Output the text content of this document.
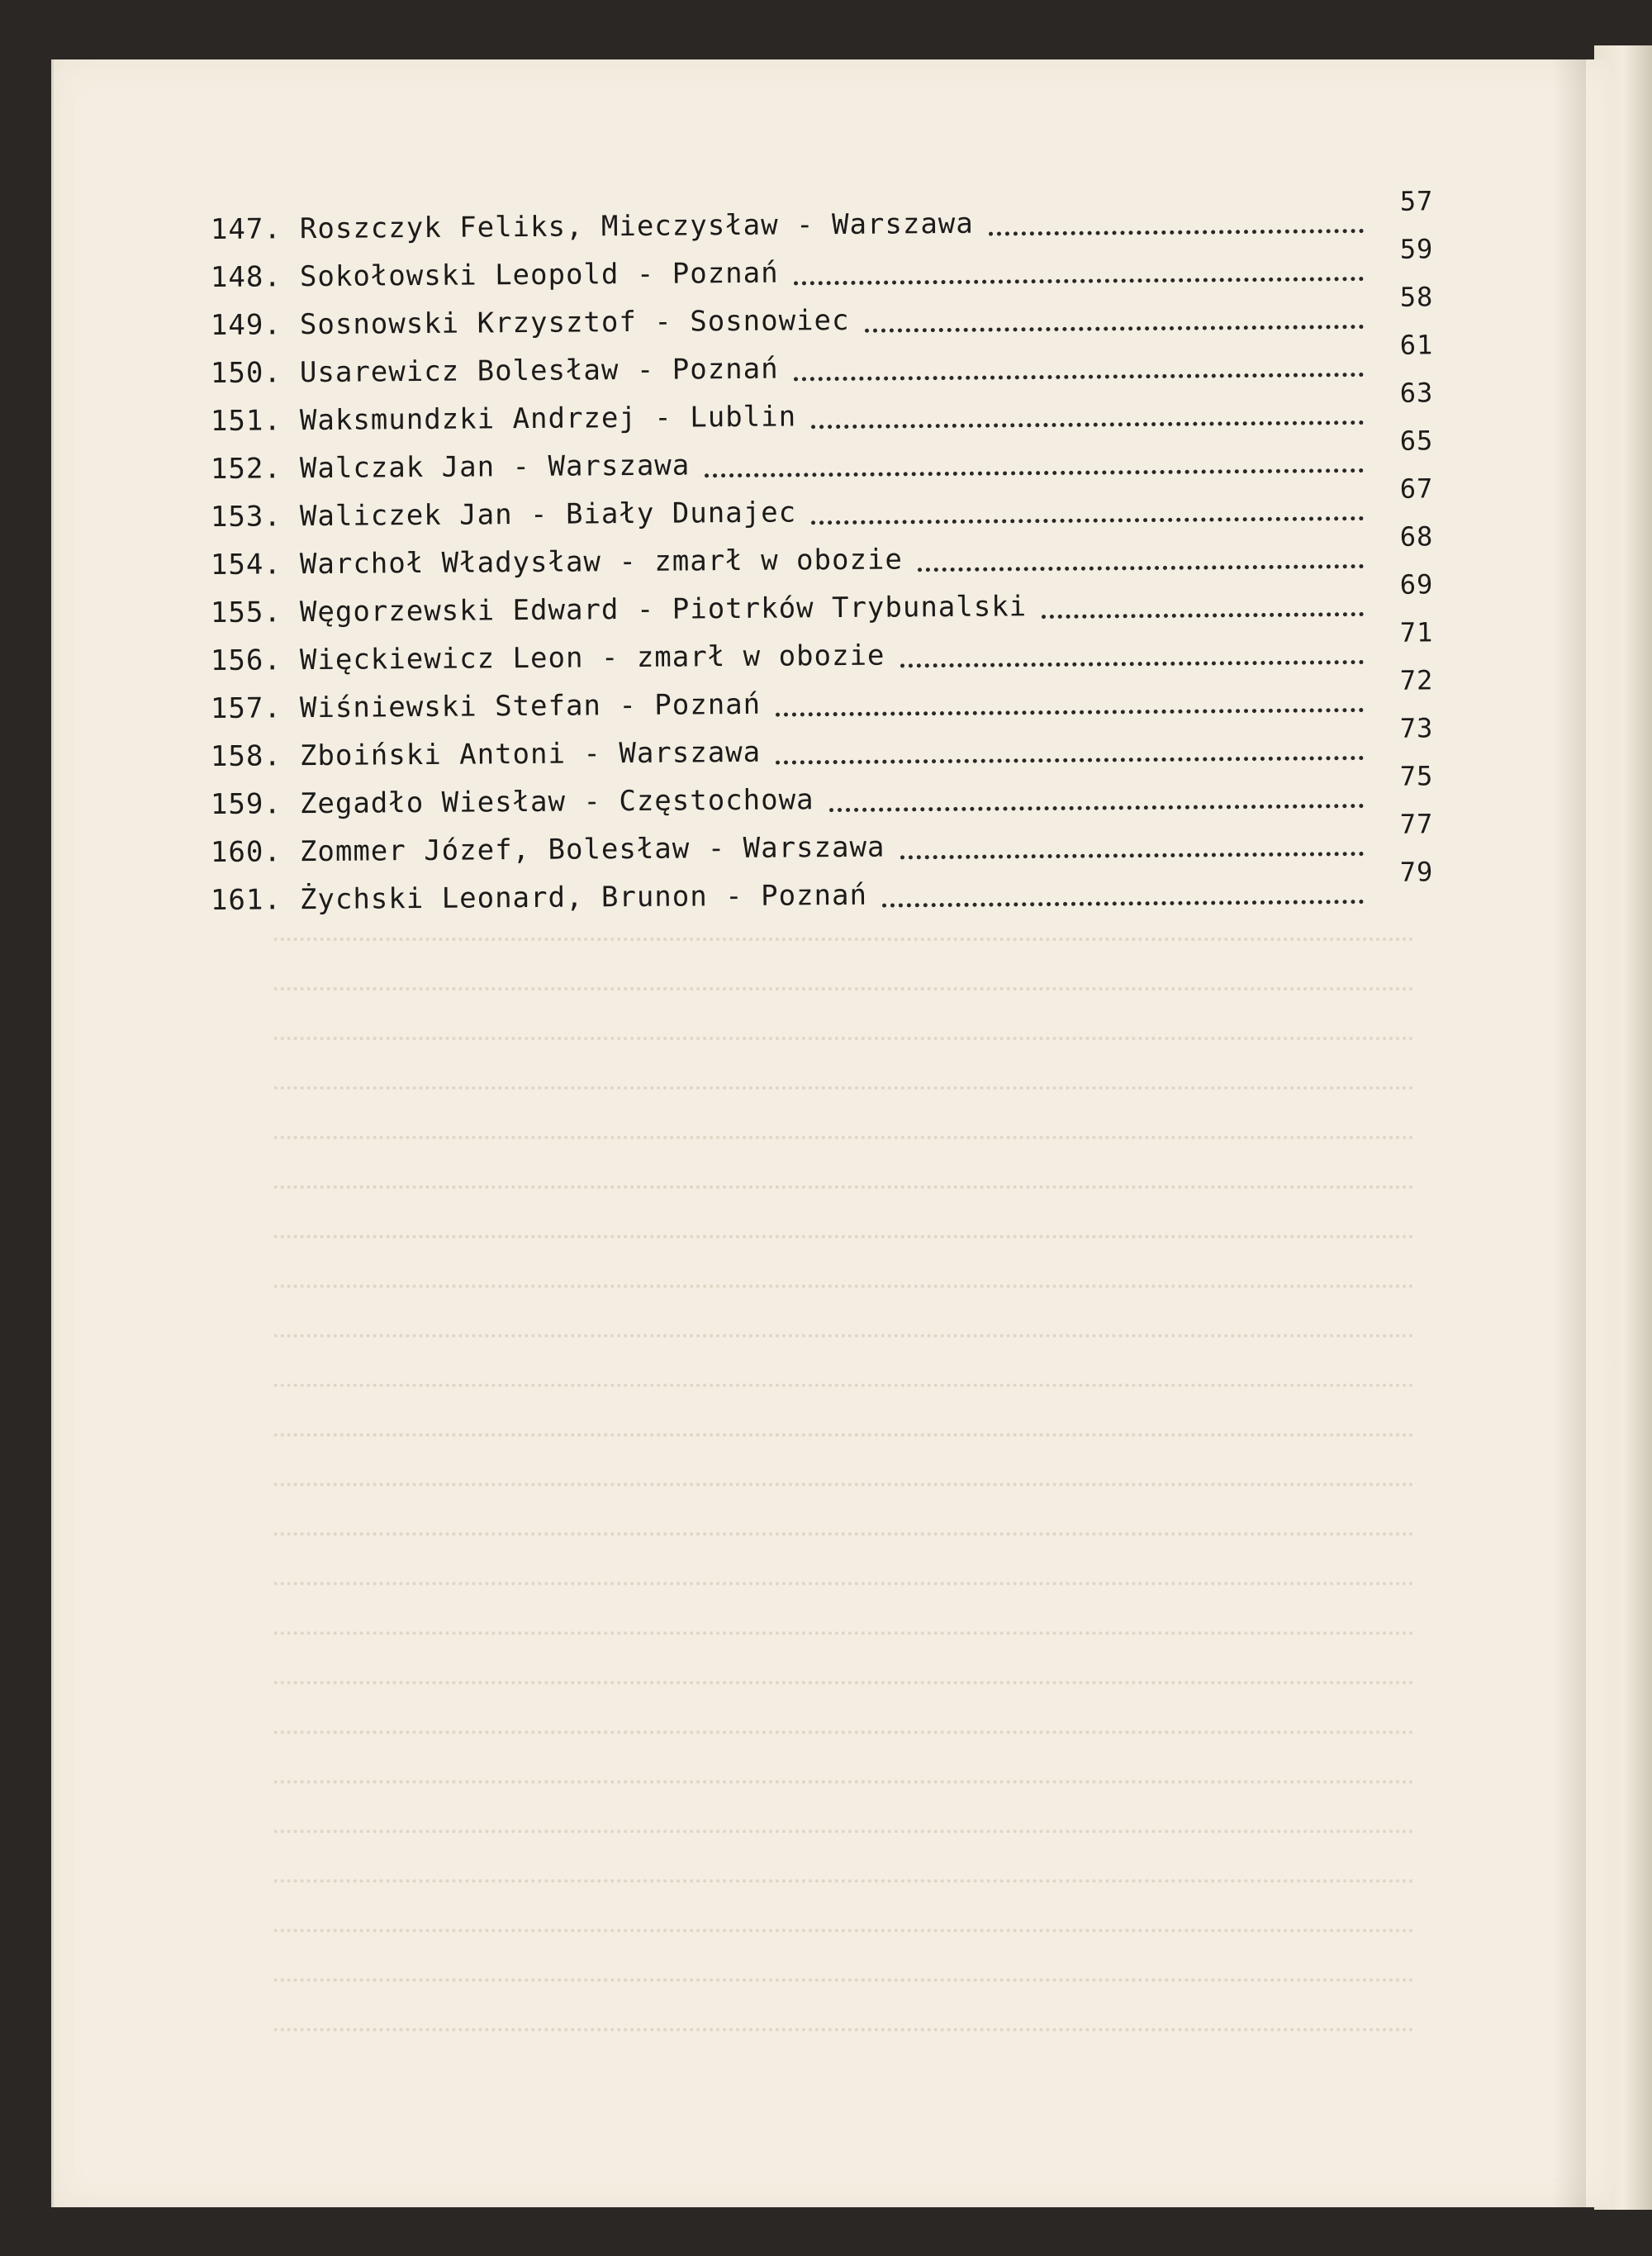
147. Roszczyk Feliks, Mieczysław - Warszawa
57
148. Sokołowski Leopold - Poznań
59
149. Sosnowski Krzysztof - Sosnowiec
58
150. Usarewicz Bolesław - Poznań
61
151. Waksmundzki Andrzej - Lublin
63
152. Walczak Jan - Warszawa
65
153. Waliczek Jan - Biały Dunajec
67
154. Warchoł Władysław - zmarł w obozie
68
155. Węgorzewski Edward - Piotrków Trybunalski
69
156. Więckiewicz Leon - zmarł w obozie
71
157. Wiśniewski Stefan - Poznań
72
158. Zboiński Antoni - Warszawa
73
159. Zegadło Wiesław - Częstochowa
75
160. Zommer Józef, Bolesław - Warszawa
77
161. Żychski Leonard, Brunon - Poznań
79
